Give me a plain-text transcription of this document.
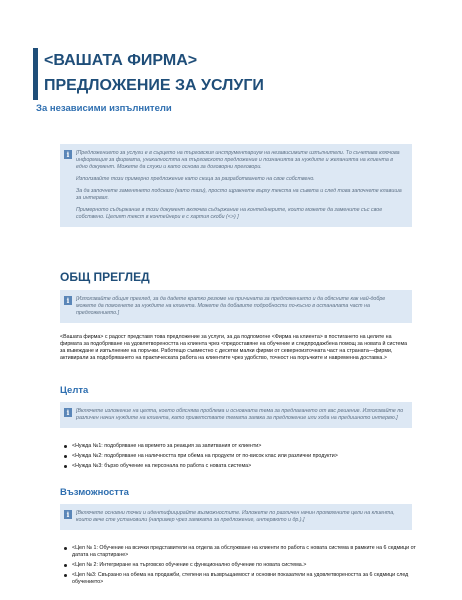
<ВАШАТА ФИРМА>
ПРЕДЛОЖЕНИЕ ЗА УСЛУГИ
За независими изпълнители
i	[Предложението за услуги е в сърцето на търговския инструментариум на независимите изпълнители. То съчетава ключова информация за фирмата, уникалността на търговското предложение и познанията за нуждите и желанията на клиента в едно документ. Можете да служи и като основа за договорни преговори.

Използвайте този примерно предложение като скица за разработването на свое собствено.

За да започнете заменянето подсказо (като тази), просто щракнете върху текста на съвета и след това започнете клавиша за интервал.

Примерното съдържание в този документ включва съдържание на контейнерите, които можете да замените със свое собствено. Целият текст в контейнери е с хартия скоби (<>) ]

ОБЩ ПРЕГЛЕД
i	[Използвайте общия преглед, за да дадете кратко резюме на причината за предложението и да обясните как най-добре можете да помогнете за нуждите на клиента. Можете да добавите подробности по-късно в останалата част на предложението.]

<Вашата фирма> с радост представя това предложение за услуги, за да подпомогне <Фирма на клиента> в постигането на целите на фирмата за подобряване на удовлетвореността на клиента чрез <предоставяне на обучение и следпродажбена помощ за новата й система за въвеждане и изпълнение на поръчки. Работещо съвместно с десетки малки фирми от северноизточната част на страната—фирми, активирали за подобряването на практическата работа на клиентите чрез удобство, точност на поръчките и навременна доставка.>
Целта
i	[Включете изложение на целта, което обяснява проблема и основната тема за предлагането от вас решение. Използвайте по различен начин нуждите на клиента, като приветствате темата заявка за предложение или хода на предишното интервю.]

<Нужда №1: подобряване на времето за реакция за запитвания от клиенти>
<Нужда №2: подобряване на наличността при обема на продукти от по-висок клас или различни продукти>
<Нужда №3: бързо обучение на персонала по работа с новата система>
Възможността
i	[Включете основни точки и идентифицирайте възможностите. Изложете по различен начин проявлените цели на клиента, които вече сте установили (например чрез заявката за предложение, интервюто и др.).]

<Цел № 1: Обучение на всички представители на отдела за обслужване на клиенти по работа с новата система в рамките на 6 седмици от датата на стартиране>
<Цел № 2: Интегриране на търговско обучение с функционално обучение по новата система.>
<Цел №3: Свързано на обема на продажби, степени на възвръщаемост и основни показатели на удовлетвореността за 6 седмици след обучението>
